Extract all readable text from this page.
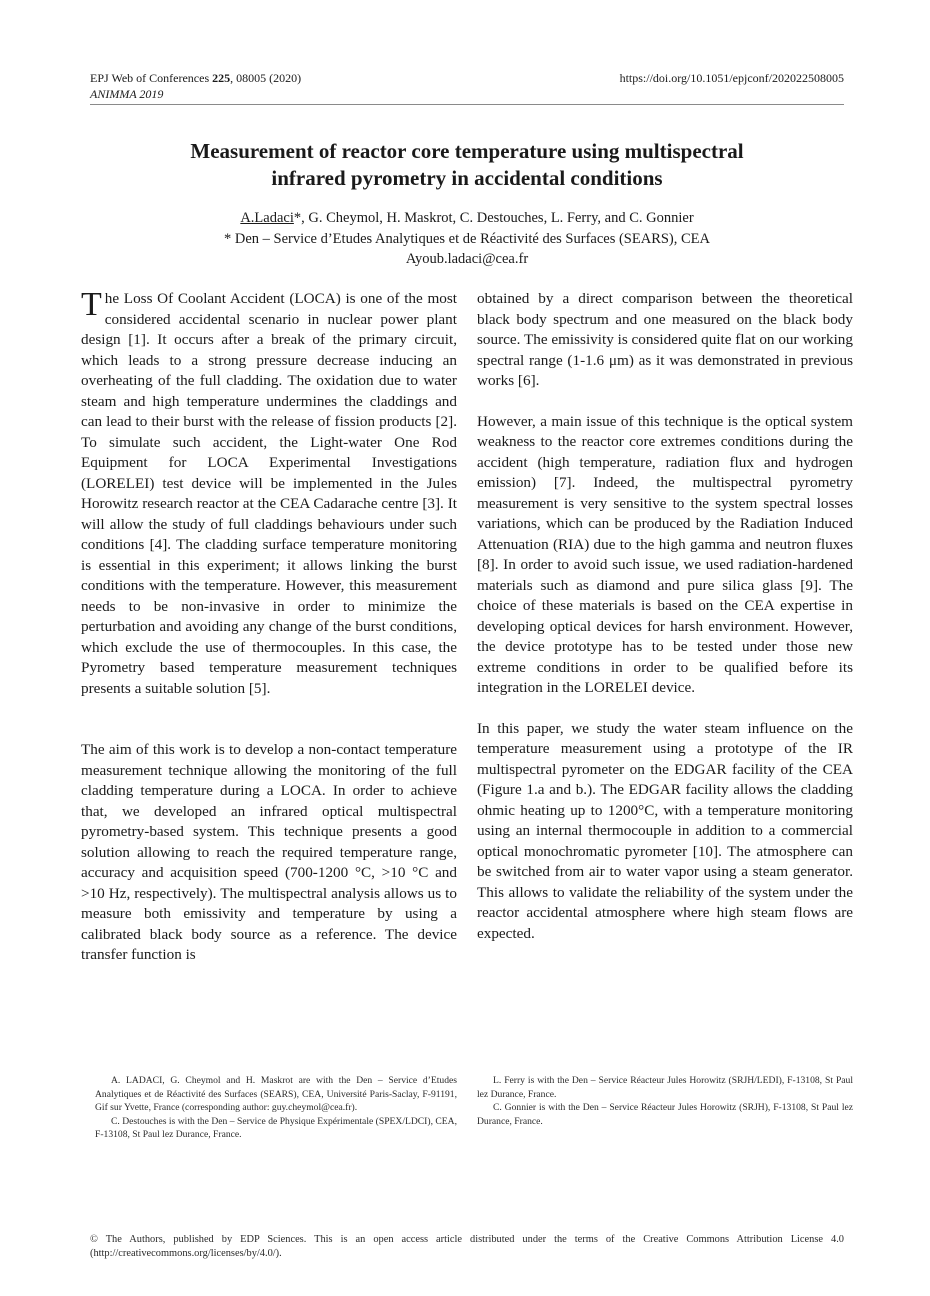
EPJ Web of Conferences 225, 08005 (2020)
ANIMMA 2019
https://doi.org/10.1051/epjconf/202022508005
Measurement of reactor core temperature using multispectral
infrared pyrometry in accidental conditions
A.Ladaci*, G. Cheymol, H. Maskrot, C. Destouches, L. Ferry, and C. Gonnier
* Den – Service d’Etudes Analytiques et de Réactivité des Surfaces (SEARS), CEA
Ayoub.ladaci@cea.fr

The Loss Of Coolant Accident (LOCA) is one of the most considered accidental scenario in nuclear power plant design [1]. It occurs after a break of the primary circuit, which leads to a strong pressure decrease inducing an overheating of the full cladding. The oxidation due to water steam and high temperature undermines the claddings and can lead to their burst with the release of fission products [2]. To simulate such accident, the Light-water One Rod Equipment for LOCA Experimental Investigations (LORELEI) test device will be implemented in the Jules Horowitz research reactor at the CEA Cadarache centre [3]. It will allow the study of full claddings behaviours under such conditions [4]. The cladding surface temperature monitoring is essential in this experiment; it allows linking the burst conditions with the temperature. However, this measurement needs to be non-invasive in order to minimize the perturbation and avoiding any change of the burst conditions, which exclude the use of thermocouples. In this case, the Pyrometry based temperature measurement techniques presents a suitable solution [5].

The aim of this work is to develop a non-contact temperature measurement technique allowing the monitoring of the full cladding temperature during a LOCA. In order to achieve that, we developed an infrared optical multispectral pyrometry-based system. This technique presents a good solution allowing to reach the required temperature range, accuracy and acquisition speed (700-1200 °C, >10 °C and >10 Hz, respectively). The multispectral analysis allows us to measure both emissivity and temperature by using a calibrated black body source as a reference. The device transfer function is

obtained by a direct comparison between the theoretical black body spectrum and one measured on the black body source. The emissivity is considered quite flat on our working spectral range (1-1.6 μm) as it was demonstrated in previous works [6].

However, a main issue of this technique is the optical system weakness to the reactor core extremes conditions during the accident (high temperature, radiation flux and hydrogen emission) [7]. Indeed, the multispectral pyrometry measurement is very sensitive to the system spectral losses variations, which can be produced by the Radiation Induced Attenuation (RIA) due to the high gamma and neutron fluxes [8]. In order to avoid such issue, we used radiation-hardened materials such as diamond and pure silica glass [9]. The choice of these materials is based on the CEA expertise in developing optical devices for harsh environment. However, the device prototype has to be tested under those new extreme conditions in order to be qualified before its integration in the LORELEI device.

In this paper, we study the water steam influence on the temperature measurement using a prototype of the IR multispectral pyrometer on the EDGAR facility of the CEA (Figure 1.a and b.). The EDGAR facility allows the cladding ohmic heating up to 1200°C, with a temperature monitoring using an internal thermocouple in addition to a commercial optical monochromatic pyrometer [10]. The atmosphere can be switched from air to water vapor using a steam generator. This allows to validate the reliability of the system under the reactor accidental atmosphere where high steam flows are expected.

A. LADACI, G. Cheymol and H. Maskrot are with the Den – Service d’Etudes Analytiques et de Réactivité des Surfaces (SEARS), CEA, Université Paris-Saclay, F-91191, Gif sur Yvette, France (corresponding author: guy.cheymol@cea.fr).

C. Destouches is with the Den – Service de Physique Expérimentale (SPEX/LDCI), CEA, F-13108, St Paul lez Durance, France.

L. Ferry is with the Den – Service Réacteur Jules Horowitz (SRJH/LEDI), F-13108, St Paul lez Durance, France.

C. Gonnier is with the Den – Service Réacteur Jules Horowitz (SRJH), F-13108, St Paul lez Durance, France.

© The Authors, published by EDP Sciences. This is an open access article distributed under the terms of the Creative Commons Attribution License 4.0 (http://creativecommons.org/licenses/by/4.0/).
